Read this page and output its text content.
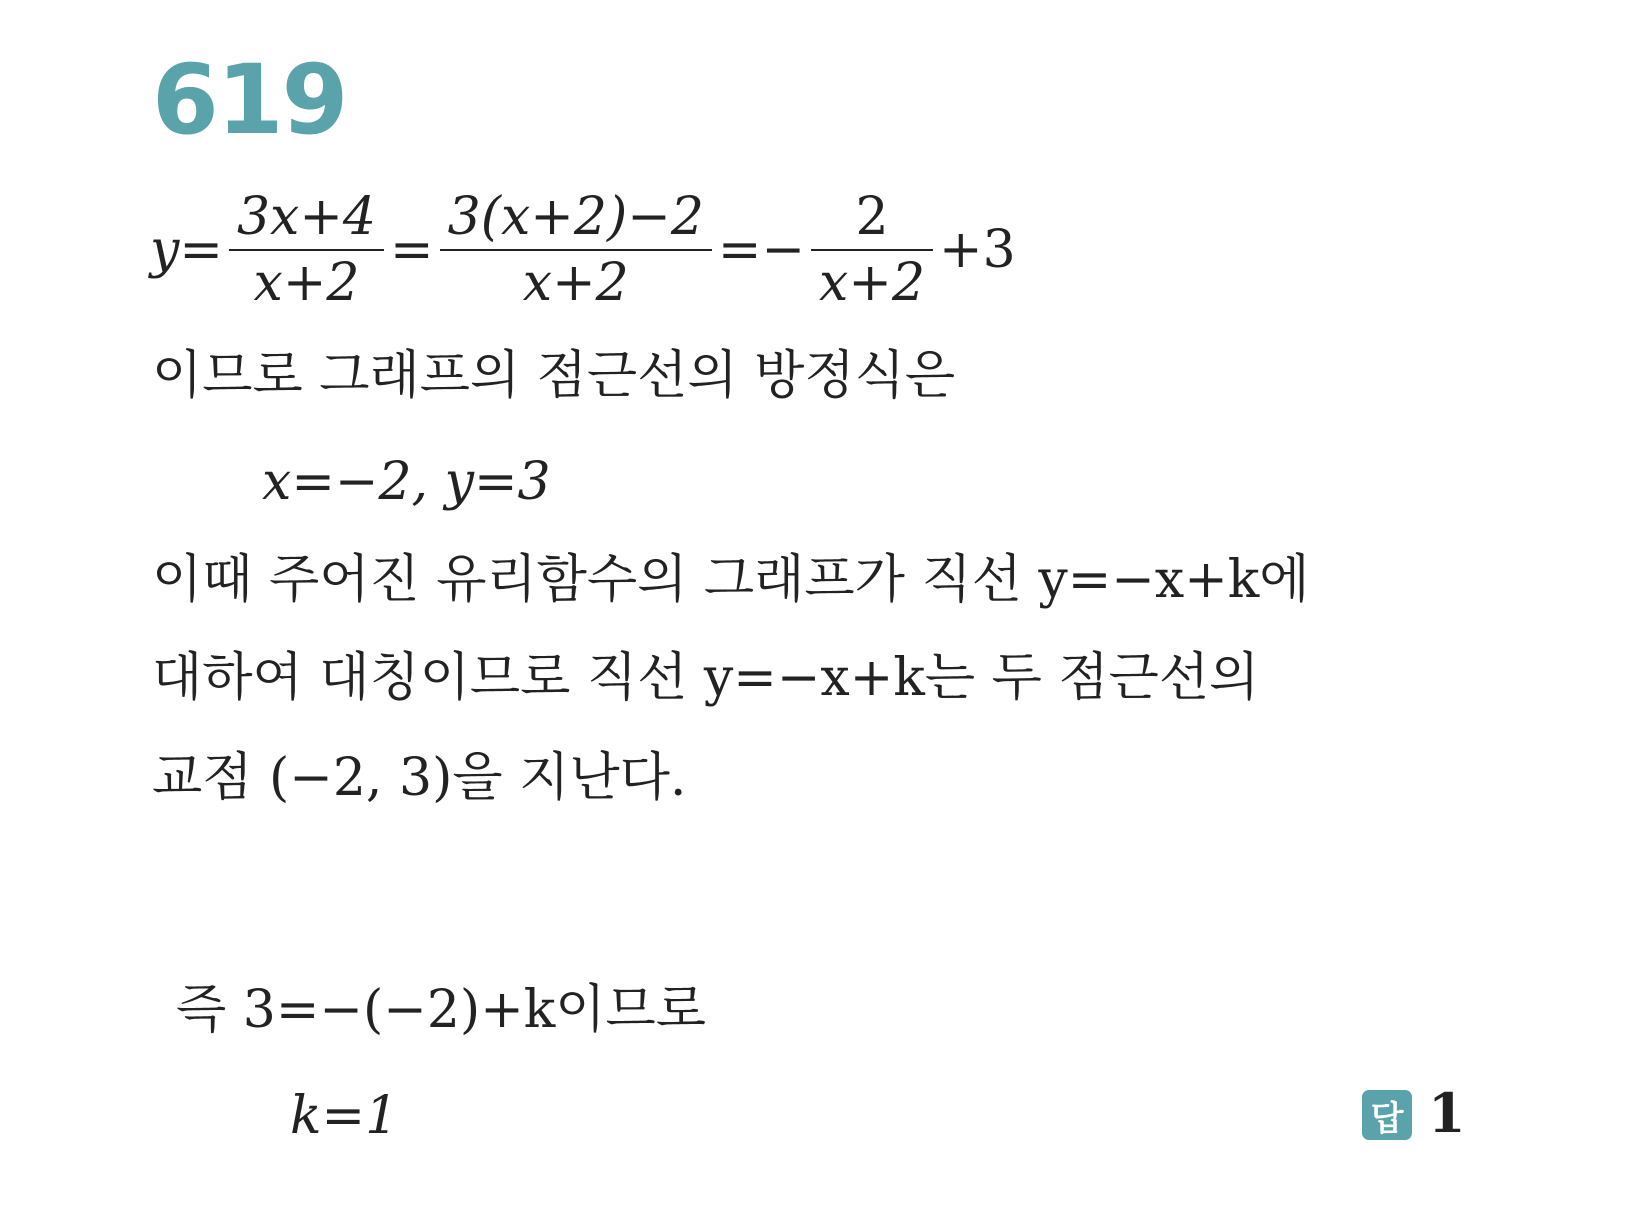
619
$y= \frac{3x+4}{x+2} = \frac{3(x+2)-2}{x+2} =- \frac{2}{x+2} +3$
이므로 그래프의 점근선의 방정식은
x=−2, y=3
이때 주어진 유리함수의 그래프가 직선 y=−x+k에
대하여 대칭이므로 직선 y=−x+k는 두 점근선의
교점 (−2, 3)을 지난다.
즉 3=−(−2)+k이므로
k=1	답 1
